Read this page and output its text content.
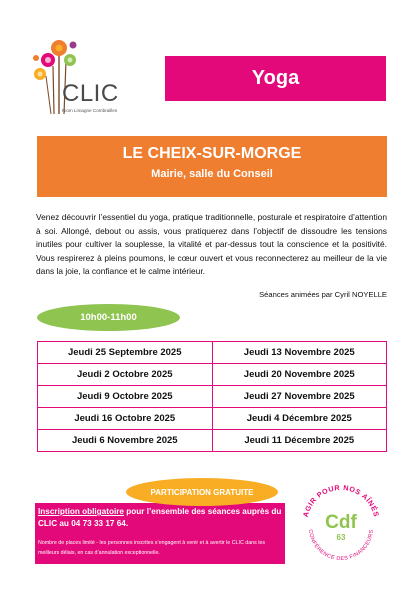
CLIC
Riom Limagne Combrailles
Yoga
LE CHEIX-SUR-MORGE
Mairie, salle du Conseil

Venez découvrir l’essentiel du yoga, pratique traditionnelle, posturale et respiratoire d’attention à soi. Allongé, debout ou assis, vous pratiquerez dans l’objectif de dissoudre les tensions inutiles pour cultiver la souplesse, la vitalité et par-dessus tout la conscience et la positivité. Vous respirerez à pleins poumons, le cœur ouvert et vous reconnecterez au meilleur de la vie dans la joie, la confiance et le calme intérieur.

Séances animées par Cyril NOYELLE
10h00-11h00
Jeudi 25 Septembre 2025	Jeudi 13 Novembre 2025
Jeudi 2 Octobre 2025	Jeudi 20 Novembre 2025
Jeudi 9 Octobre 2025	Jeudi 27 Novembre 2025
Jeudi 16 Octobre 2025	Jeudi 4 Décembre 2025
Jeudi 6 Novembre 2025	Jeudi 11 Décembre 2025
Inscription obligatoire pour l’ensemble des séances auprès du CLIC au 04 73 33 17 64.
Nombre de places limité - les personnes inscrites s’engagent à venir et à avertir le CLIC dans les meilleurs délais, en cas d’annulation exceptionnelle.
PARTICIPATION GRATUITE
AGIR POUR NOS AÎNÉS
CONFÉRENCE DES FINANCEURS
Cdf
63
